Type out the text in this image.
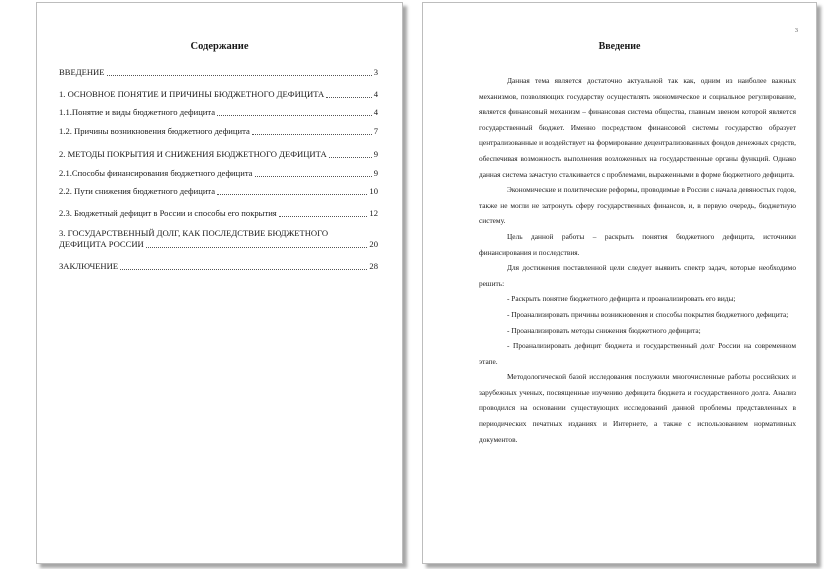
Содержание
ВВЕДЕНИЕ	3
1. ОСНОВНОЕ ПОНЯТИЕ И ПРИЧИНЫ БЮДЖЕТНОГО ДЕФИЦИТА	4
1.1.Понятие и виды бюджетного дефицита	4
1.2. Причины возникновения бюджетного дефицита	7
2. МЕТОДЫ ПОКРЫТИЯ И СНИЖЕНИЯ БЮДЖЕТНОГО ДЕФИЦИТА	9
2.1.Способы финансирования бюджетного дефицита	9
2.2. Пути снижения бюджетного дефицита	10
2.3. Бюджетный дефицит в России и способы его покрытия	12
3. ГОСУДАРСТВЕННЫЙ ДОЛГ, КАК ПОСЛЕДСТВИЕ БЮДЖЕТНОГО
ДЕФИЦИТА РОССИИ	20
ЗАКЛЮЧЕНИЕ	28
3
Введение

Данная тема является достаточно актуальной так как, одним из наиболее важных механизмов, позволяющих государству осуществлять экономическое и социальное регулирование, является финансовый механизм – финансовая система общества, главным звеном которой является государственный бюджет. Именно посредством финансовой системы государство образует централизованные и воздействует на формирование децентрализованных фондов денежных средств, обеспечивая возможность выполнения возложенных на государственные органы функций. Однако данная система зачастую сталкивается с проблемами, выраженными в форме бюджетного дефицита.

Экономические и политические реформы, проводимые в России с начала девяностых годов, также не могли не затронуть сферу государственных финансов, и, в первую очередь, бюджетную систему.

Цель данной работы – раскрыть понятия бюджетного дефицита, источники финансирования и последствия.

Для достижения поставленной цели следует выявить спектр задач, которые необходимо решить:

- Раскрыть понятие бюджетного дефицита и проанализировать его виды;

- Проанализировать причины возникновения и способы покрытия бюджетного дефицита;

- Проанализировать методы снижения бюджетного дефицита;

- Проанализировать дефицит бюджета и государственный долг России на современном этапе.

Методологической базой исследования послужили многочисленные работы российских и зарубежных ученых, посвященные изучению дефицита бюджета и государственного долга. Анализ проводился на основании существующих исследований данной проблемы представленных в периодических печатных изданиях и Интернете, а также с использованием нормативных документов.
